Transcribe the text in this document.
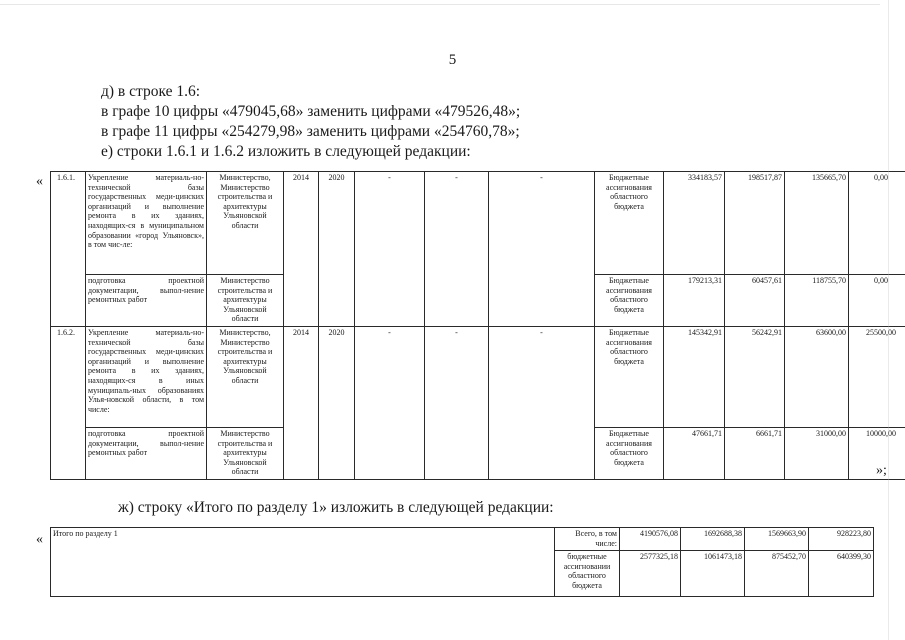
5
д) в строке 1.6:
в графе 10 цифры «479045,68» заменить цифрами «479526,48»;
в графе 11 цифры «254279,98» заменить цифрами «254760,78»;
е) строки 1.6.1 и 1.6.2 изложить в следующей редакции:
« 1.6.1.	Укрепление материаль-но-технической базы государственных меди-цинских организаций и выполнение ремонта в их зданиях, находящих-ся в муниципальном образовании «город Ульяновск», в том чис-ле:	Министерство, Министерство строительства и архитектуры Ульяновской области	2014	2020	-	-	-	Бюджетные ассигнования областного бюджета	334183,57	198517,87	135665,70	0,00
	подготовка проектной документации, выпол-нение ремонтных работ	Министерство строительства и архитектуры Ульяновской области						Бюджетные ассигнования областного бюджета	179213,31	60457,61	118755,70	0,00
1.6.2.	Укрепление материаль-но-технической базы государственных меди-цинских организаций и выполнение ремонта в их зданиях, находящих-ся в иных муниципаль-ных образованиях Улья-новской области, в том числе:	Министерство, Министерство строительства и архитектуры Ульяновской области	2014	2020	-	-	-	Бюджетные ассигнования областного бюджета	145342,91	56242,91	63600,00	25500,00
	подготовка проектной документации, выпол-нение ремонтных работ	Министерство строительства и архитектуры Ульяновской области						Бюджетные ассигнования областного бюджета	47661,71	6661,71	31000,00	10000,00
»;
ж) строку «Итого по разделу 1» изложить в следующей редакции:
« Итого по разделу 1	Всего, в том числе:	4190576,08	1692688,38	1569663,90	928223,80
	бюджетные ассигновании областного бюджета	2577325,18	1061473,18	875452,70	640399,30
